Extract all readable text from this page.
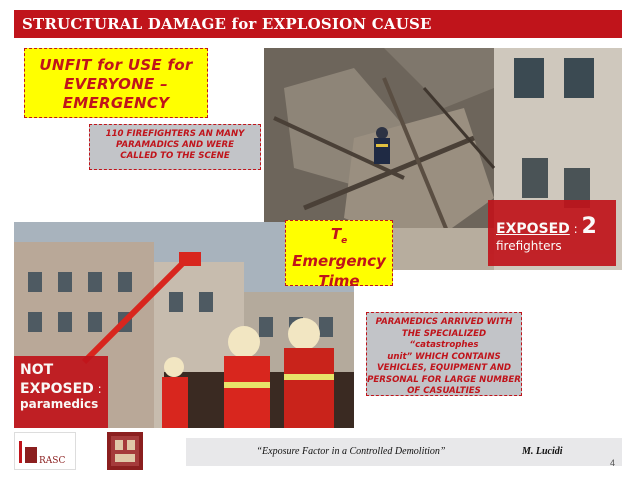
STRUCTURAL DAMAGE for EXPLOSION CAUSE
UNFIT for USE for
EVERYONE –
EMERGENCY
110 FIREFIGHTERS AN MANY
PARAMADICS AND WERE
CALLED TO THE SCENE
$T_e$
Emergency
Time
EXPOSED : 2
firefighters
PARAMEDICS ARRIVED WITH
THE SPECIALIZED “catastrophes
unit” WHICH CONTAINS
VEHICLES, EQUIPMENT AND
PERSONAL FOR LARGE NUMBER
OF CASUALTIES
NOT
EXPOSED :
paramedics
RASC
“Exposure Factor in a Controlled Demolition”	M. Lucidi
4
